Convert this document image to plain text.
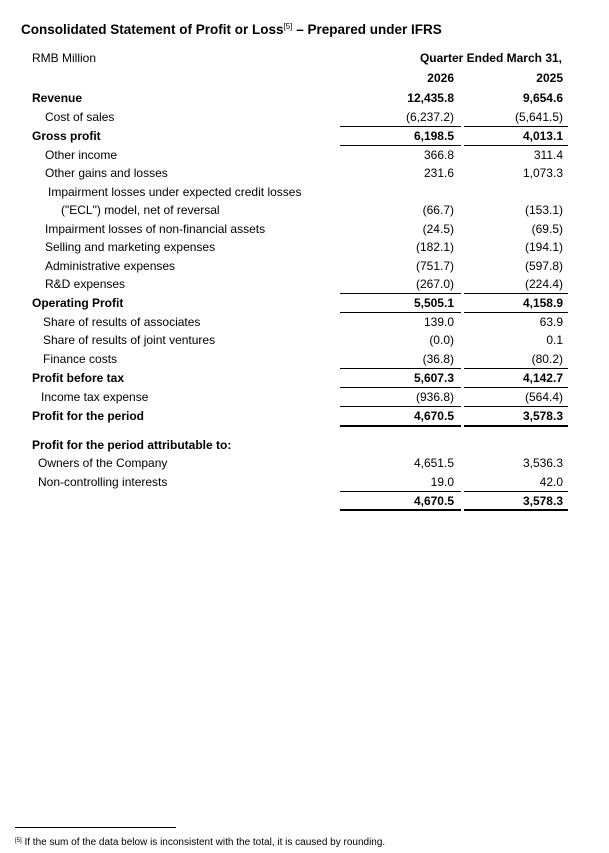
Consolidated Statement of Profit or Loss[5] – Prepared under IFRS
RMB Million	Quarter Ended March 31,
2026	2025
Revenue	12,435.8	9,654.6
Cost of sales	(6,237.2)	(5,641.5)
Gross profit	6,198.5	4,013.1
Other income	366.8	311.4
Other gains and losses	231.6	1,073.3
Impairment losses under expected credit losses
("ECL") model, net of reversal	(66.7)	(153.1)
Impairment losses of non-financial assets	(24.5)	(69.5)
Selling and marketing expenses	(182.1)	(194.1)
Administrative expenses	(751.7)	(597.8)
R&D expenses	(267.0)	(224.4)
Operating Profit	5,505.1	4,158.9
Share of results of associates	139.0	63.9
Share of results of joint ventures	(0.0)	0.1
Finance costs	(36.8)	(80.2)
Profit before tax	5,607.3	4,142.7
Income tax expense	(936.8)	(564.4)
Profit for the period	4,670.5	3,578.3
Profit for the period attributable to:
Owners of the Company	4,651.5	3,536.3
Non-controlling interests	19.0	42.0
4,670.5	3,578.3
[5] If the sum of the data below is inconsistent with the total, it is caused by rounding.
